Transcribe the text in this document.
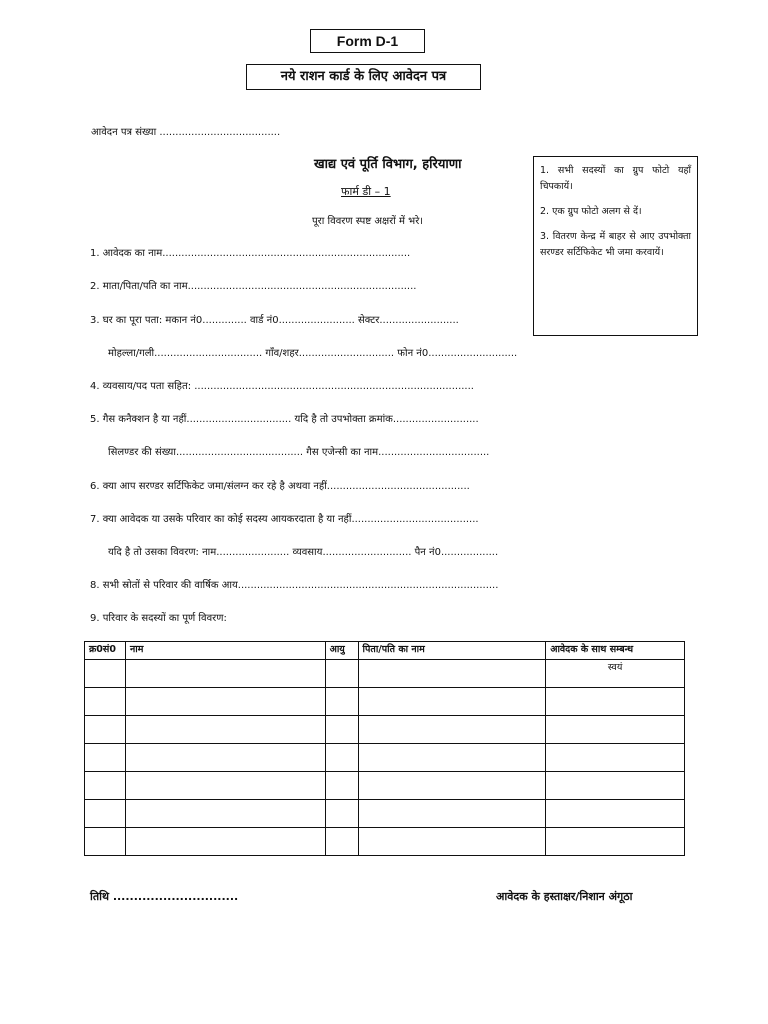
Form D-1
नये राशन कार्ड के लिए आवेदन पत्र
आवेदन पत्र संख्या ......................................
खाद्य एवं पूर्ति विभाग, हरियाणा
फार्म डी – 1
पूरा विवरण स्पष्ट अक्षरों में भरे।

1. सभी सदस्यों का ग्रुप फोटो यहाँ चिपकायें।

2. एक ग्रुप फोटो अलग से दें।

3. वितरण केन्द्र में बाहर से आए उपभोक्ता सरण्डर सर्टिफिकेट भी जमा करवायें।

1. आवेदक का नाम..............................................................................
2. माता/पिता/पति का नाम........................................................................
3. घर का पूरा पता: मकान नं0.............. वार्ड नं0........................ सेक्टर.........................
मोहल्ला/गली.................................. गाँव/शहर.............................. फोन नं0............................
4. व्यवसाय/पद पता सहित: ........................................................................................
5. गैस कनैक्शन है या नहीं................................. यदि है तो उपभोक्ता क्रमांक...........................
सिलण्डर की संख्या........................................ गैस एजेन्सी का नाम...................................
6. क्या आप सरण्डर सर्टिफिकेट जमा/संलग्न कर रहे है अथवा नहीं.............................................
7. क्या आवेदक या उसके परिवार का कोई सदस्य आयकरदाता है या नहीं........................................
यदि है तो उसका विवरण: नाम....................... व्यवसाय............................ पैन नं0..................
8. सभी स्रोतों से परिवार की वार्षिक आय..................................................................................
9. परिवार के सदस्यों का पूर्ण विवरण:
क्र0सं0	नाम	आयु	पिता/पति का नाम	आवेदक के साथ सम्बन्ध

				स्वयं

तिथि ..............................	आवेदक के हस्ताक्षर/निशान अंगूठा
